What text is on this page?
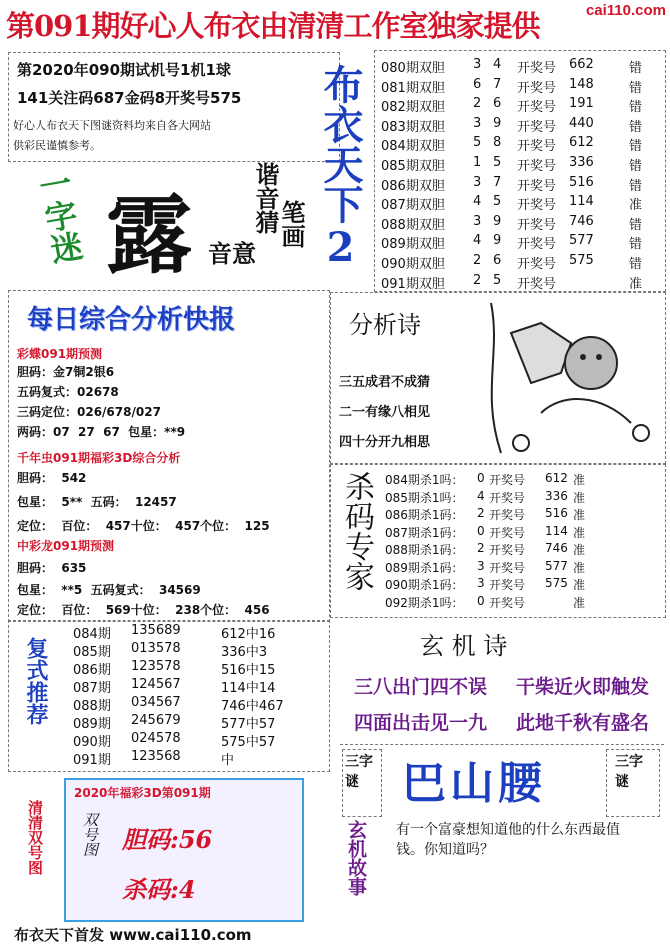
第091期好心人布衣由清清工作室独家提供	cai110.com
第2020年090期试机号1机1球
141关注码687金码8开奖号575
好心人布衣天下图谜资料均来自各大网站
供彩民谨慎参考。
一字迷 露 谐音猜
笔画
音意 布衣天下2 080期双胆 3 4 开奖号 662	错
081期双胆 6 7 开奖号 148	错
082期双胆 2 6 开奖号 191	错
083期双胆 3 9 开奖号 440	错
084期双胆 5 8 开奖号 612	错
085期双胆 1 5 开奖号 336	错
086期双胆 3 7 开奖号 516	错
087期双胆 4 5 开奖号 114	准
088期双胆 3 9 开奖号 746	错
089期双胆 4 9 开奖号 577	错
090期双胆 2 6 开奖号 575	错
091期双胆 2 5 开奖号	准
每日综合分析快报
彩蝶091期预测
胆码：金7铜2银6
五码复式：02678
三码定位：026/678/027
两码：07  27  67  包星：**9
千年虫091期福彩3D综合分析
胆码：  542
包星：  5**  五码：  12457
定位：  百位：  457十位：  457个位：  125
中彩龙091期预测
胆码：  635
包星：  **5  五码复式：  34569
定位：  百位：  569十位：  238个位：  456
分析诗
三五成君不成猜
二一有缘八相见
四十分开九相思
杀码专家 084期杀1吗： 0 开奖号 612 准
085期杀1吗： 4 开奖号 336 准
086期杀1码： 2 开奖号 516 准
087期杀1码： 0 开奖号 114 准
088期杀1码： 2 开奖号 746 准
089期杀1码： 3 开奖号 577 准
090期杀1码： 3 开奖号 575 准
092期杀1吗： 0 开奖号	准
玄 机 诗
三八出门四不误 干柴近火即触发
四面出击见一九 此地千秋有盛名
复式推荐
084期 135689	612中16
085期 013578	336中3
086期 123578	516中15
087期 124567	114中14
088期 034567	746中467
089期 245679	577中57
090期 024578	575中57
091期 123568	中
清清双号图
2020年福彩3D第091期
双号图 胆码:56
杀码:4
三字谜 巴山腰	三字谜
玄机故事 有一个富豪想知道他的什么东西最值钱。你知道吗？
布衣天下首发 www.cai110.com
